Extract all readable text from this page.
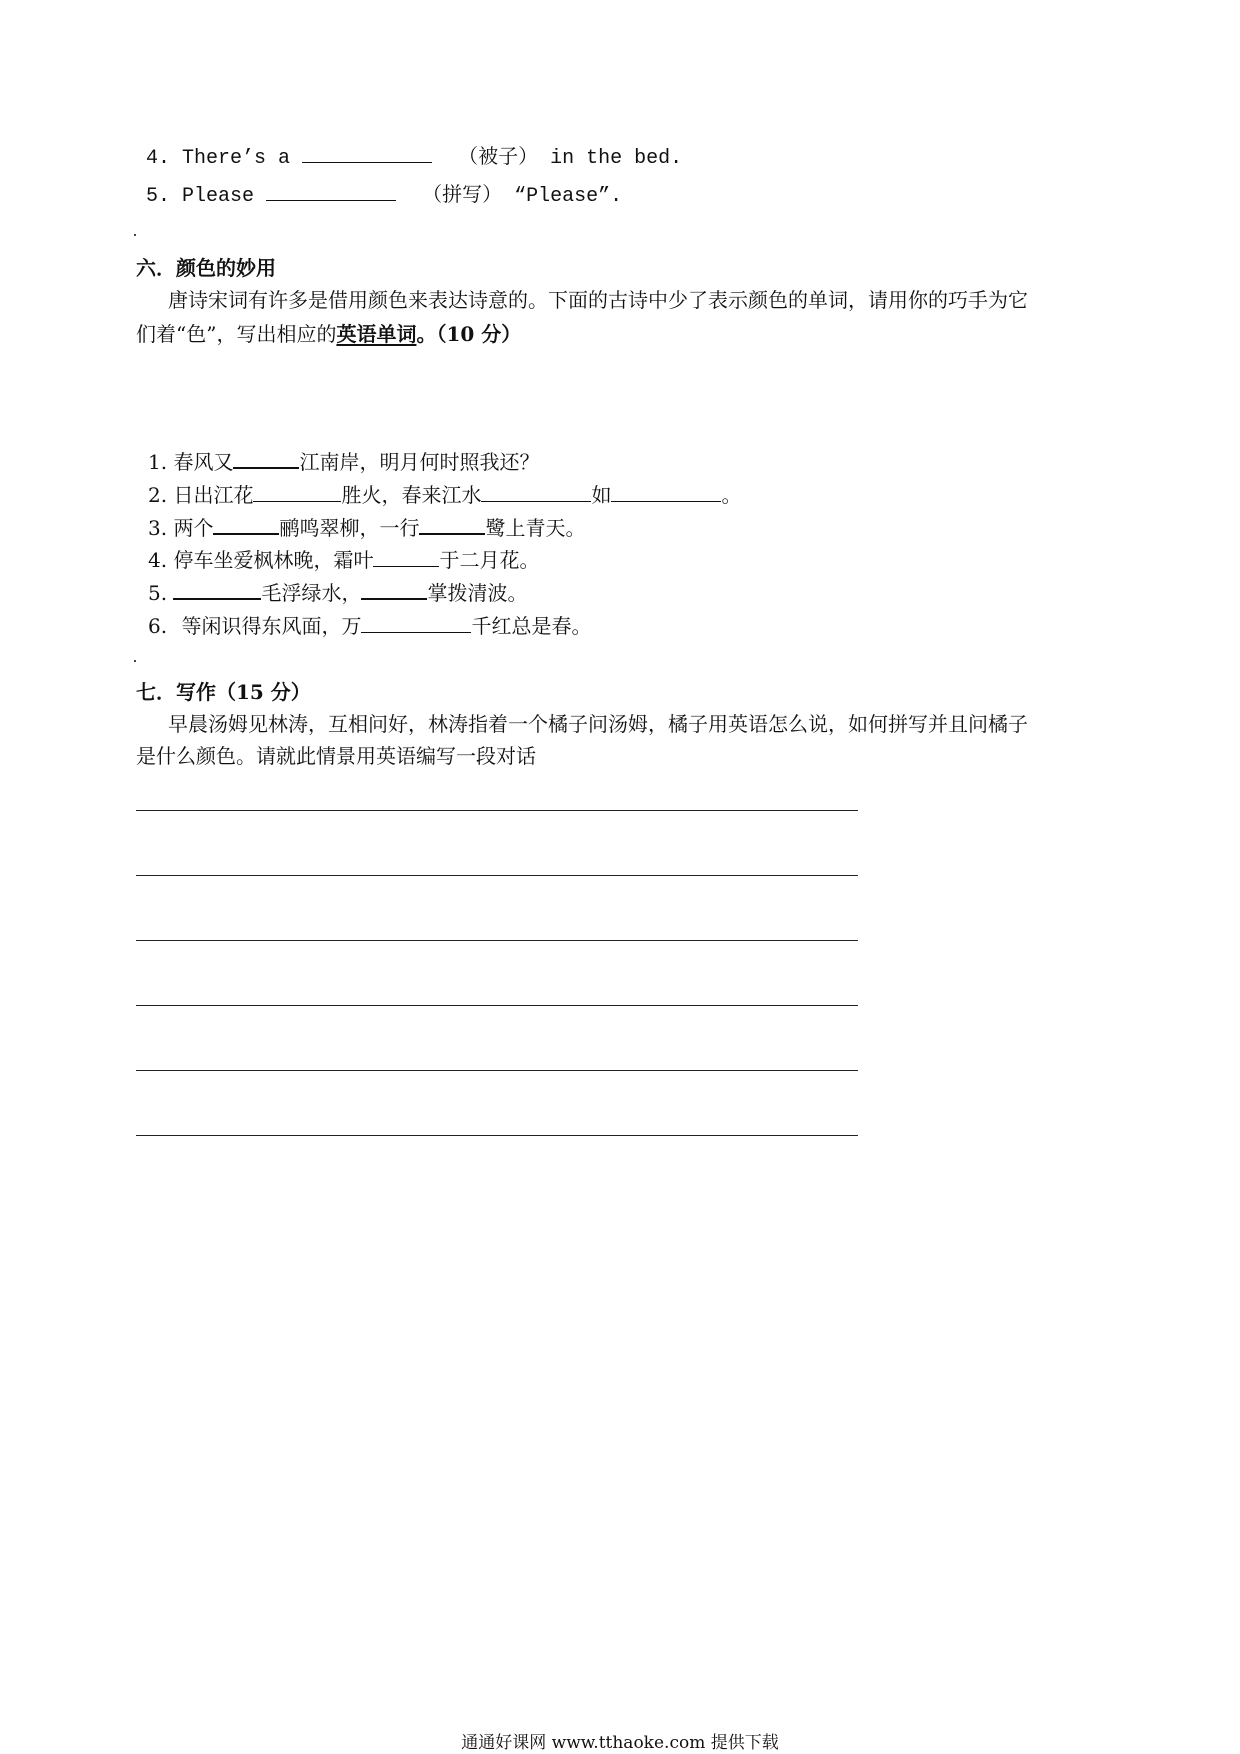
4. There’s a	（被子） in the bed.
5. Please	（拼写） “Please”.
六．颜色的妙用
唐诗宋词有许多是借用颜色来表达诗意的。下面的古诗中少了表示颜色的单词，请用你的巧手为它
们着“色”，写出相应的英语单词。（10 分）
1. 春风又	江南岸，明月何时照我还？
2. 日出江花	胜火，春来江水	如	。
3. 两个	鹂鸣翠柳，一行	鹭上青天。
4. 停车坐爱枫林晚，霜叶	于二月花。
5.	毛浮绿水，	掌拨清波。
6. 等闲识得东风面，万	千红总是春。
七．写作（15 分）
早晨汤姆见林涛，互相问好，林涛指着一个橘子问汤姆，橘子用英语怎么说，如何拼写并且问橘子
是什么颜色。请就此情景用英语编写一段对话
通通好课网 www.tthaoke.com 提供下载
